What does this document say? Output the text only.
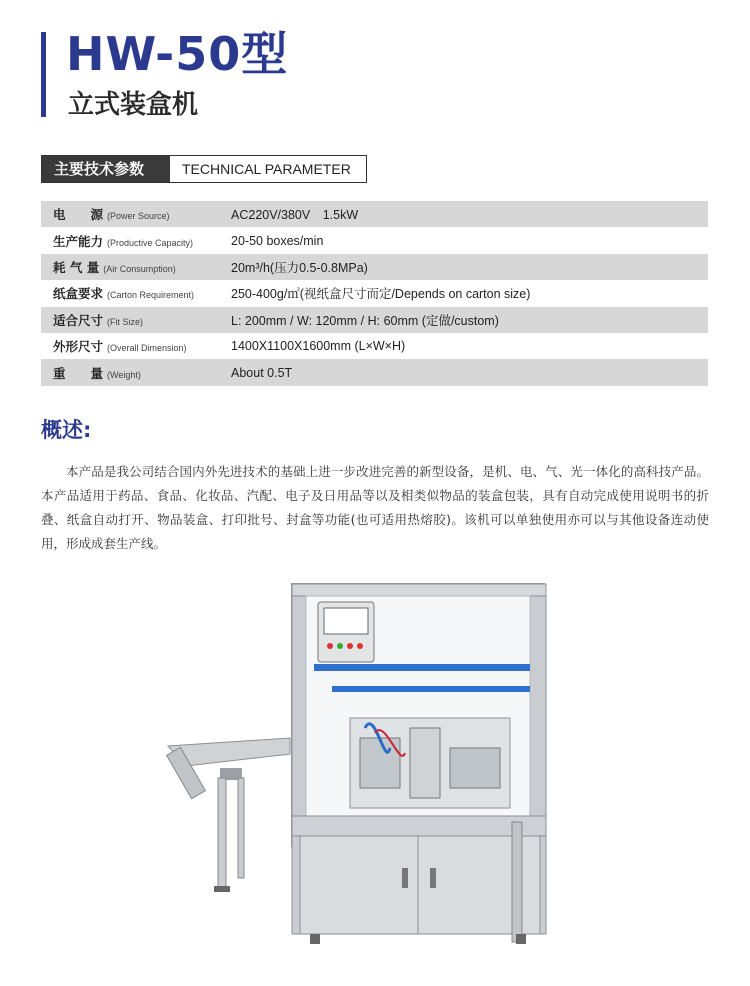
HW-50型
立式装盒机
主要技术参数	TECHNICAL PARAMETER
电　　源 (Power Source)	AC220V/380V　1.5kW
生产能力 (Productive Capacity)	20-50 boxes/min
耗 气 量 (Air Consumption)	20m³/h(压力0.5-0.8MPa)
纸盒要求 (Carton Requirement)	250-400g/㎡(视纸盒尺寸而定/Depends on carton size)
适合尺寸 (Fit Size)	L: 200mm / W: 120mm / H: 60mm (定做/custom)
外形尺寸 (Overall Dimension)	1400X1100X1600mm (L×W×H)
重　　量 (Weight)	About 0.5T
概述:
本产品是我公司结合国内外先进技术的基础上进一步改进完善的新型设备，是机、电、气、光一体化的高科技产品。本产品适用于药品、食品、化妆品、汽配、电子及日用品等以及相类似物品的装盒包装，具有自动完成使用说明书的折叠、纸盒自动打开、物品装盒、打印批号、封盒等功能(也可适用热熔胶)。该机可以单独使用亦可以与其他设备连动使用，形成成套生产线。
